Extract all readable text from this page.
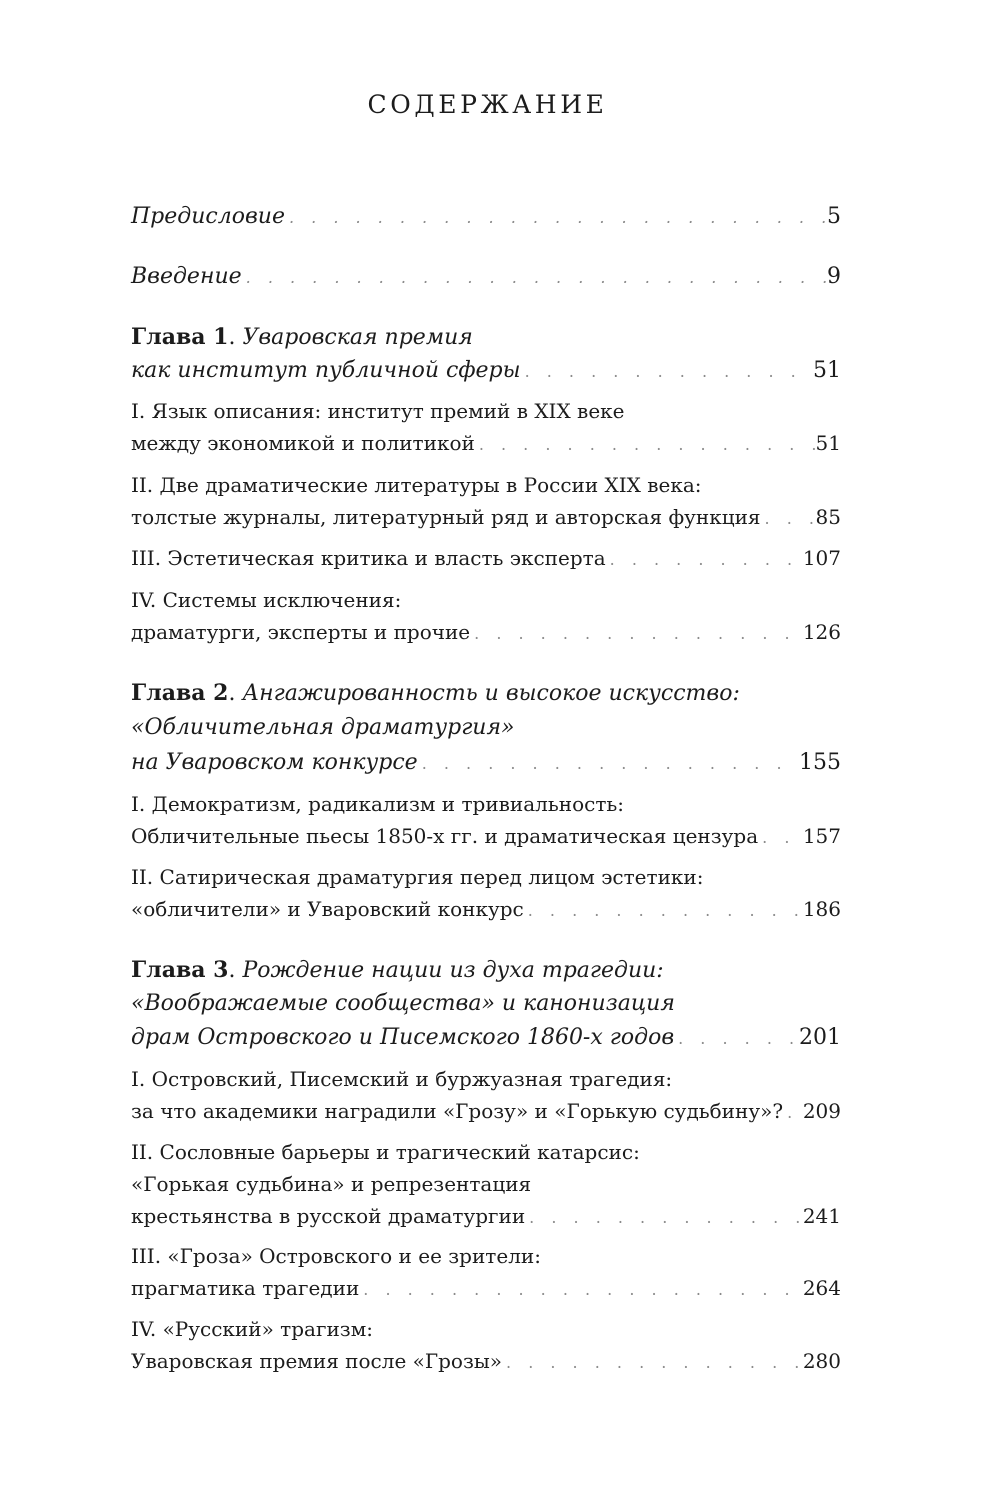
СОДЕРЖАНИЕ
Предисловие . . .	5
Введение . . .	9
Глава 1. Уваровская премия
как институт публичной сферы . . .	51
I. Язык описания: институт премий в XIX веке
между экономикой и политикой . . .	51
II. Две драматические литературы в России XIX века:
толстые журналы, литературный ряд и авторская функция . . .	85
III. Эстетическая критика и власть эксперта . . .	107
IV. Системы исключения:
драматурги, эксперты и прочие . . .	126
Глава 2. Ангажированность и высокое искусство:
«Обличительная драматургия»
на Уваровском конкурсе . . .	155
I. Демократизм, радикализм и тривиальность:
Обличительные пьесы 1850-х гг. и драматическая цензура . . . 157
II. Сатирическая драматургия перед лицом эстетики:
«обличители» и Уваровский конкурс . . .	186
Глава 3. Рождение нации из духа трагедии:
«Воображаемые сообщества» и канонизация
драм Островского и Писемского 1860-х годов . . .	201
I. Островский, Писемский и буржуазная трагедия:
за что академики наградили «Грозу» и «Горькую судьбину»? . . . 209
II. Сословные барьеры и трагический катарсис:
«Горькая судьбина» и репрезентация
крестьянства в русской драматургии . . .	241
III. «Гроза» Островского и ее зрители:
прагматика трагедии . . .	264
IV. «Русский» трагизм:
Уваровская премия после «Грозы» . . .	280
